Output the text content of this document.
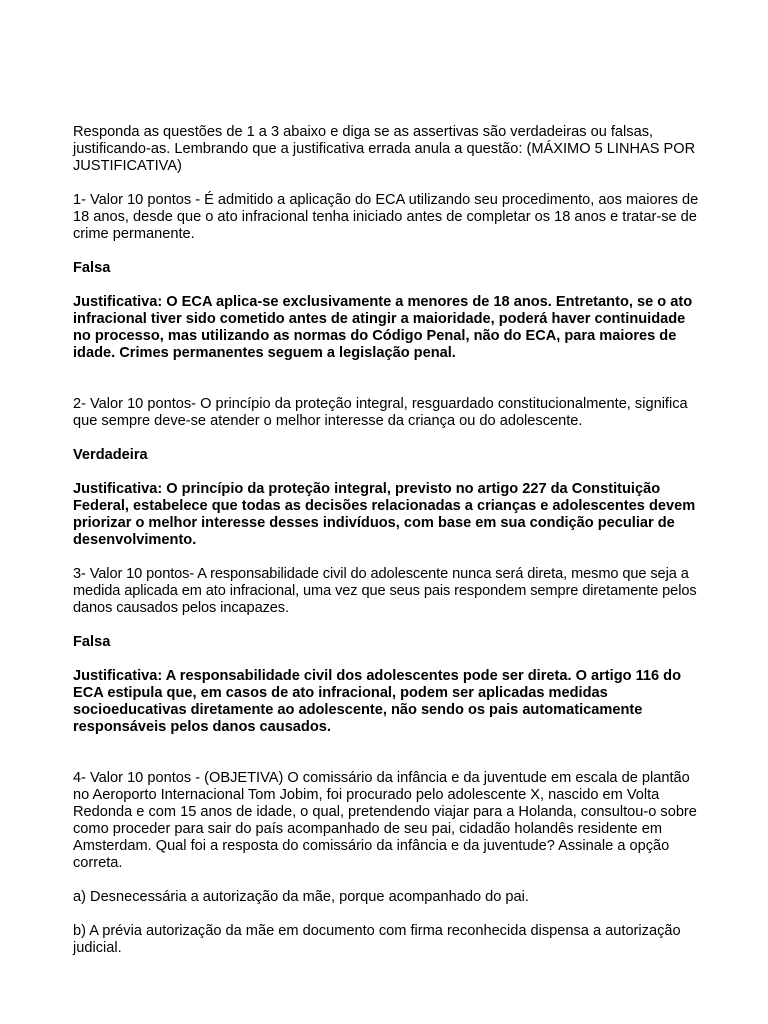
Responda as questões de 1 a 3 abaixo e diga se as assertivas são verdadeiras ou falsas, justificando-as. Lembrando que a justificativa errada anula a questão: (MÁXIMO 5 LINHAS POR JUSTIFICATIVA)

1- Valor 10 pontos - É admitido a aplicação do ECA utilizando seu procedimento, aos maiores de 18 anos, desde que o ato infracional tenha iniciado antes de completar os 18 anos e tratar-se de crime permanente.

Falsa

Justificativa: O ECA aplica-se exclusivamente a menores de 18 anos. Entretanto, se o ato infracional tiver sido cometido antes de atingir a maioridade, poderá haver continuidade no processo, mas utilizando as normas do Código Penal, não do ECA, para maiores de idade. Crimes permanentes seguem a legislação penal.

2- Valor 10 pontos- O princípio da proteção integral, resguardado constitucionalmente, significa que sempre deve-se atender o melhor interesse da criança ou do adolescente.

Verdadeira

Justificativa: O princípio da proteção integral, previsto no artigo 227 da Constituição Federal, estabelece que todas as decisões relacionadas a crianças e adolescentes devem priorizar o melhor interesse desses indivíduos, com base em sua condição peculiar de desenvolvimento.

3- Valor 10 pontos- A responsabilidade civil do adolescente nunca será direta, mesmo que seja a medida aplicada em ato infracional, uma vez que seus pais respondem sempre diretamente pelos danos causados pelos incapazes.

Falsa

Justificativa: A responsabilidade civil dos adolescentes pode ser direta. O artigo 116 do ECA estipula que, em casos de ato infracional, podem ser aplicadas medidas socioeducativas diretamente ao adolescente, não sendo os pais automaticamente responsáveis pelos danos causados.

4- Valor 10 pontos - (OBJETIVA) O comissário da infância e da juventude em escala de plantão no Aeroporto Internacional Tom Jobim, foi procurado pelo adolescente X, nascido em Volta Redonda e com 15 anos de idade, o qual, pretendendo viajar para a Holanda, consultou-o sobre como proceder para sair do país acompanhado de seu pai, cidadão holandês residente em Amsterdam. Qual foi a resposta do comissário da infância e da juventude? Assinale a opção correta.

a) Desnecessária a autorização da mãe, porque acompanhado do pai.

b) A prévia autorização da mãe em documento com firma reconhecida dispensa a autorização judicial.
